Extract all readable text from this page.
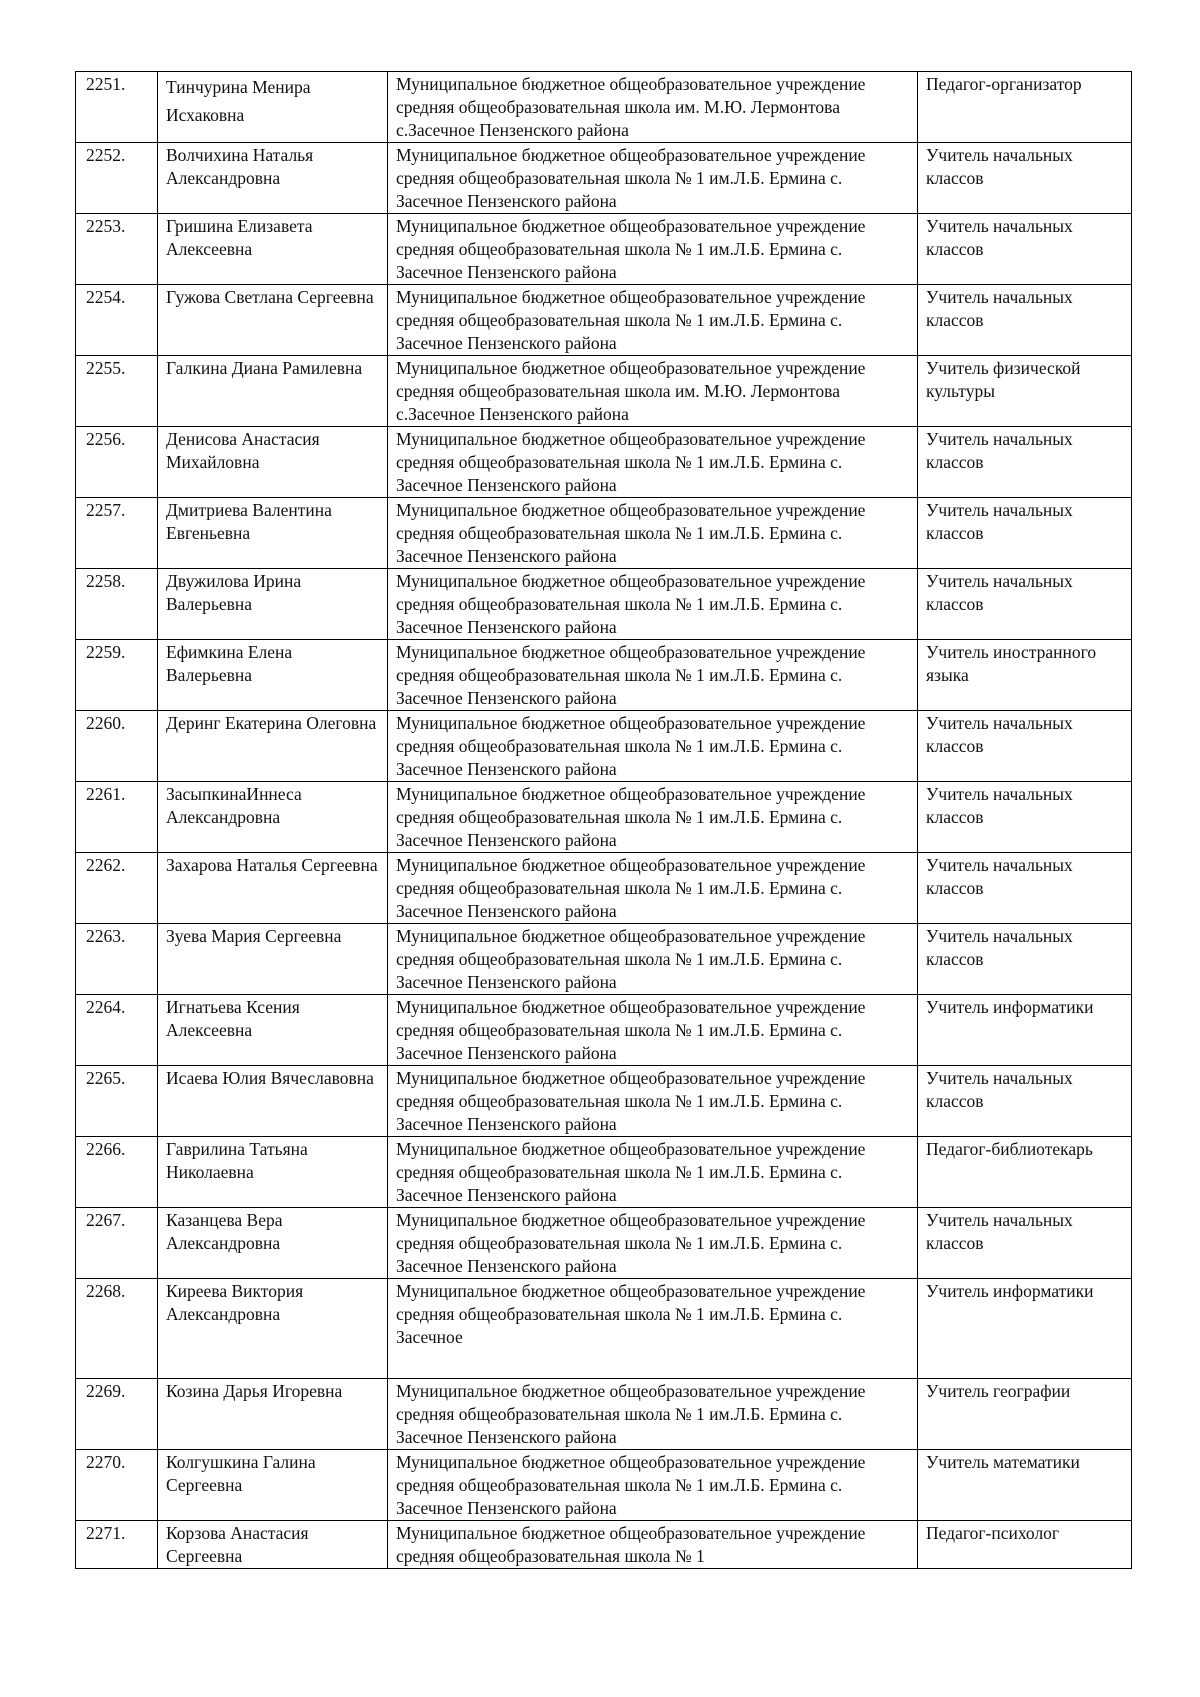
2251.	Тинчурина Менира Исхаковна	Муниципальное бюджетное общеобразовательное учреждение средняя общеобразовательная школа им. М.Ю. Лермонтова с.Засечное Пензенского района	Педагог-организатор
2252.	Волчихина Наталья Александровна	Муниципальное бюджетное общеобразовательное учреждение средняя общеобразовательная школа № 1 им.Л.Б. Ермина с. Засечное Пензенского района	Учитель начальных классов
2253.	Гришина Елизавета Алексеевна	Муниципальное бюджетное общеобразовательное учреждение средняя общеобразовательная школа № 1 им.Л.Б. Ермина с. Засечное Пензенского района	Учитель начальных классов
2254.	Гужова Светлана Сергеевна	Муниципальное бюджетное общеобразовательное учреждение средняя общеобразовательная школа № 1 им.Л.Б. Ермина с. Засечное Пензенского района	Учитель начальных классов
2255.	Галкина Диана Рамилевна	Муниципальное бюджетное общеобразовательное учреждение средняя общеобразовательная школа им. М.Ю. Лермонтова с.Засечное Пензенского района	Учитель физической культуры
2256.	Денисова Анастасия Михайловна	Муниципальное бюджетное общеобразовательное учреждение средняя общеобразовательная школа № 1 им.Л.Б. Ермина с. Засечное Пензенского района	Учитель начальных классов
2257.	Дмитриева Валентина Евгеньевна	Муниципальное бюджетное общеобразовательное учреждение средняя общеобразовательная школа № 1 им.Л.Б. Ермина с. Засечное Пензенского района	Учитель начальных классов
2258.	Двужилова Ирина Валерьевна	Муниципальное бюджетное общеобразовательное учреждение средняя общеобразовательная школа № 1 им.Л.Б. Ермина с. Засечное Пензенского района	Учитель начальных классов
2259.	Ефимкина Елена Валерьевна	Муниципальное бюджетное общеобразовательное учреждение средняя общеобразовательная школа № 1 им.Л.Б. Ермина с. Засечное Пензенского района	Учитель иностранного языка
2260.	Деринг Екатерина Олеговна	Муниципальное бюджетное общеобразовательное учреждение средняя общеобразовательная школа № 1 им.Л.Б. Ермина с. Засечное Пензенского района	Учитель начальных классов
2261.	ЗасыпкинаИннеса Александровна	Муниципальное бюджетное общеобразовательное учреждение средняя общеобразовательная школа № 1 им.Л.Б. Ермина с. Засечное Пензенского района	Учитель начальных классов
2262.	Захарова Наталья Сергеевна	Муниципальное бюджетное общеобразовательное учреждение средняя общеобразовательная школа № 1 им.Л.Б. Ермина с. Засечное Пензенского района	Учитель начальных классов
2263.	Зуева Мария Сергеевна	Муниципальное бюджетное общеобразовательное учреждение средняя общеобразовательная школа № 1 им.Л.Б. Ермина с. Засечное Пензенского района	Учитель начальных классов
2264.	Игнатьева Ксения Алексеевна	Муниципальное бюджетное общеобразовательное учреждение средняя общеобразовательная школа № 1 им.Л.Б. Ермина с. Засечное Пензенского района	Учитель информатики
2265.	Исаева Юлия Вячеславовна	Муниципальное бюджетное общеобразовательное учреждение средняя общеобразовательная школа № 1 им.Л.Б. Ермина с. Засечное Пензенского района	Учитель начальных классов
2266.	Гаврилина Татьяна Николаевна	Муниципальное бюджетное общеобразовательное учреждение средняя общеобразовательная школа № 1 им.Л.Б. Ермина с. Засечное Пензенского района	Педагог-библиотекарь
2267.	Казанцева Вера Александровна	Муниципальное бюджетное общеобразовательное учреждение средняя общеобразовательная школа № 1 им.Л.Б. Ермина с. Засечное Пензенского района	Учитель начальных классов
2268.	Киреева Виктория Александровна	Муниципальное бюджетное общеобразовательное учреждение средняя общеобразовательная школа № 1 им.Л.Б. Ермина с. Засечное	Учитель информатики
2269.	Козина Дарья Игоревна	Муниципальное бюджетное общеобразовательное учреждение средняя общеобразовательная школа № 1 им.Л.Б. Ермина с. Засечное Пензенского района	Учитель географии
2270.	Колгушкина Галина Сергеевна	Муниципальное бюджетное общеобразовательное учреждение средняя общеобразовательная школа № 1 им.Л.Б. Ермина с. Засечное Пензенского района	Учитель математики
2271.	Корзова Анастасия Сергеевна	Муниципальное бюджетное общеобразовательное учреждение средняя общеобразовательная школа № 1	Педагог-психолог
